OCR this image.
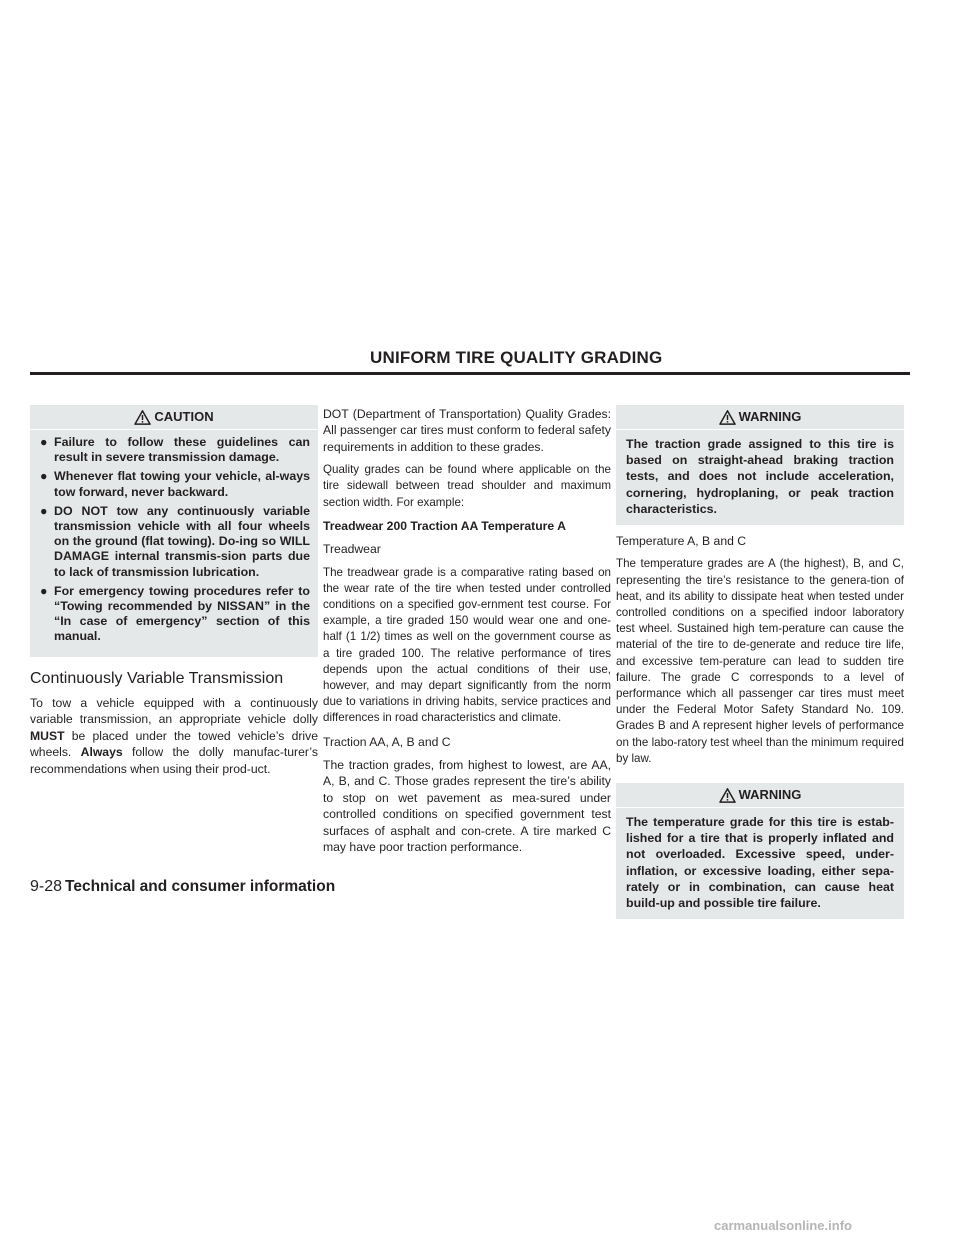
UNIFORM TIRE QUALITY GRADING
CAUTION
● Failure to follow these guidelines can result in severe transmission damage.
● Whenever flat towing your vehicle, al-ways tow forward, never backward.
● DO NOT tow any continuously variable transmission vehicle with all four wheels on the ground (flat towing). Do-ing so WILL DAMAGE internal transmis-sion parts due to lack of transmission lubrication.
● For emergency towing procedures refer to “Towing recommended by NISSAN” in the “In case of emergency” section of this manual.
Continuously Variable Transmission

To tow a vehicle equipped with a continuously variable transmission, an appropriate vehicle dolly MUST be placed under the towed vehicle’s drive wheels. Always follow the dolly manufac-turer’s recommendations when using their prod-uct.

DOT (Department of Transportation) Quality Grades: All passenger car tires must conform to federal safety requirements in addition to these grades.

Quality grades can be found where applicable on the tire sidewall between tread shoulder and maximum section width. For example:

Treadwear 200 Traction AA Temperature A

Treadwear

The treadwear grade is a comparative rating based on the wear rate of the tire when tested under controlled conditions on a specified gov-ernment test course. For example, a tire graded 150 would wear one and one-half (1 1/2) times as well on the government course as a tire graded 100. The relative performance of tires depends upon the actual conditions of their use, however, and may depart significantly from the norm due to variations in driving habits, service practices and differences in road characteristics and climate.

Traction AA, A, B and C

The traction grades, from highest to lowest, are AA, A, B, and C. Those grades represent the tire’s ability to stop on wet pavement as mea-sured under controlled conditions on specified government test surfaces of asphalt and con-crete. A tire marked C may have poor traction performance.

WARNING

The traction grade assigned to this tire is based on straight-ahead braking traction tests, and does not include acceleration, cornering, hydroplaning, or peak traction characteristics.

Temperature A, B and C

The temperature grades are A (the highest), B, and C, representing the tire’s resistance to the genera-tion of heat, and its ability to dissipate heat when tested under controlled conditions on a specified indoor laboratory test wheel. Sustained high tem-perature can cause the material of the tire to de-generate and reduce tire life, and excessive tem-perature can lead to sudden tire failure. The grade C corresponds to a level of performance which all passenger car tires must meet under the Federal Motor Safety Standard No. 109. Grades B and A represent higher levels of performance on the labo-ratory test wheel than the minimum required by law.

WARNING

The temperature grade for this tire is estab-lished for a tire that is properly inflated and not overloaded. Excessive speed, under-inflation, or excessive loading, either sepa-rately or in combination, can cause heat build-up and possible tire failure.

9-28 Technical and consumer information
carmanualsonline.info
